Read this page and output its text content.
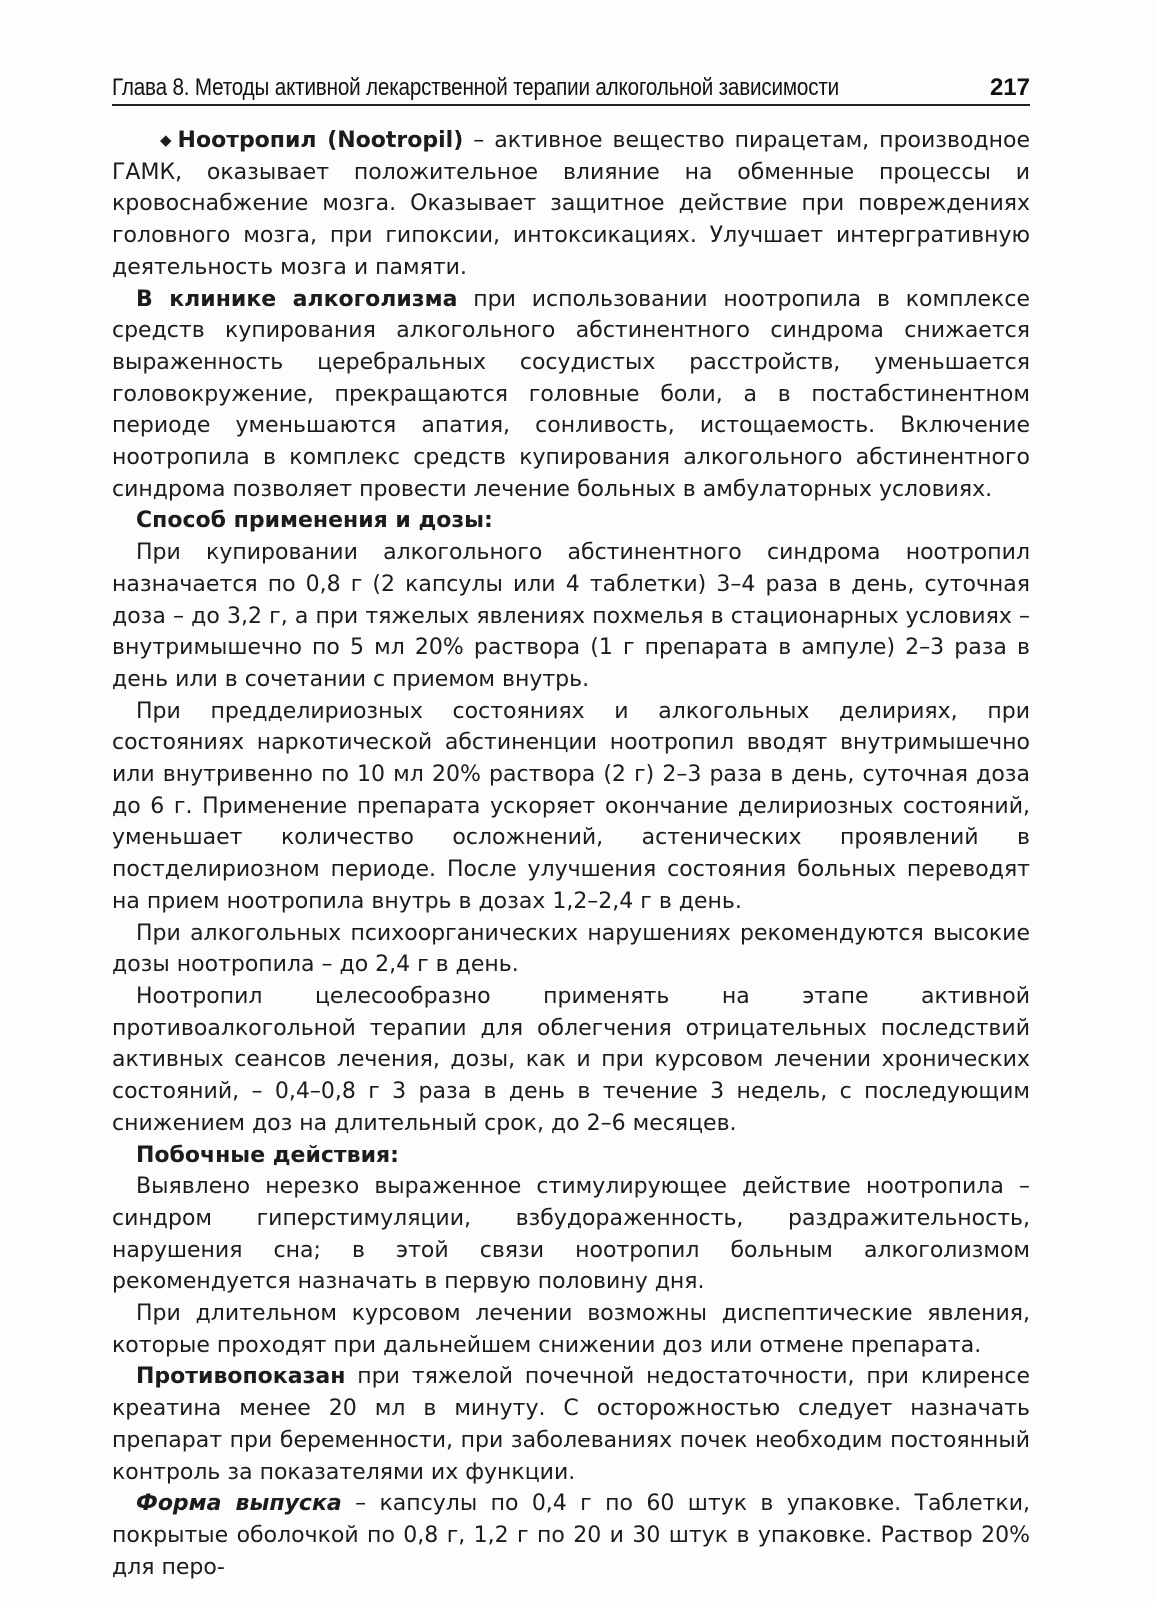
Глава 8. Методы активной лекарственной терапии алкогольной зависимости	217

◆ Ноотропил (Nootropil) – активное вещество пирацетам, производное ГАМК, оказывает положительное влияние на обменные процессы и кровоснабжение мозга. Оказывает защитное действие при повреждениях головного мозга, при гипоксии, интоксикациях. Улучшает интергративную деятельность мозга и памяти.

В клинике алкоголизма при использовании ноотропила в комплексе средств купирования алкогольного абстинентного синдрома снижается выраженность церебральных сосудистых расстройств, уменьшается головокружение, прекращаются головные боли, а в постабстинентном периоде уменьшаются апатия, сонливость, истощаемость. Включение ноотропила в комплекс средств купирования алкогольного абстинентного синдрома позволяет провести лечение больных в амбулаторных условиях.

Способ применения и дозы:

При купировании алкогольного абстинентного синдрома ноотропил назначается по 0,8 г (2 капсулы или 4 таблетки) 3–4 раза в день, суточная доза – до 3,2 г, а при тяжелых явлениях похмелья в стационарных условиях – внутримышечно по 5 мл 20% раствора (1 г препарата в ампуле) 2–3 раза в день или в сочетании с приемом внутрь.

При предделириозных состояниях и алкогольных делириях, при состояниях наркотической абстиненции ноотропил вводят внутримышечно или внутривенно по 10 мл 20% раствора (2 г) 2–3 раза в день, суточная доза до 6 г. Применение препарата ускоряет окончание делириозных состояний, уменьшает количество осложнений, астенических проявлений в постделириозном периоде. После улучшения состояния больных переводят на прием ноотропила внутрь в дозах 1,2–2,4 г в день.

При алкогольных психоорганических нарушениях рекомендуются высокие дозы ноотропила – до 2,4 г в день.

Ноотропил целесообразно применять на этапе активной противоалкогольной терапии для облегчения отрицательных последствий активных сеансов лечения, дозы, как и при курсовом лечении хронических состояний, – 0,4–0,8 г 3 раза в день в течение 3 недель, с последующим снижением доз на длительный срок, до 2–6 месяцев.

Побочные действия:

Выявлено нерезко выраженное стимулирующее действие ноотропила – синдром гиперстимуляции, взбудораженность, раздражительность, нарушения сна; в этой связи ноотропил больным алкоголизмом рекомендуется назначать в первую половину дня.

При длительном курсовом лечении возможны диспептические явления, которые проходят при дальнейшем снижении доз или отмене препарата.

Противопоказан при тяжелой почечной недостаточности, при клиренсе креатина менее 20 мл в минуту. С осторожностью следует назначать препарат при беременности, при заболеваниях почек необходим постоянный контроль за показателями их функции.

Форма выпуска – капсулы по 0,4 г по 60 штук в упаковке. Таблетки, покрытые оболочкой по 0,8 г, 1,2 г по 20 и 30 штук в упаковке. Раствор 20% для перо-
